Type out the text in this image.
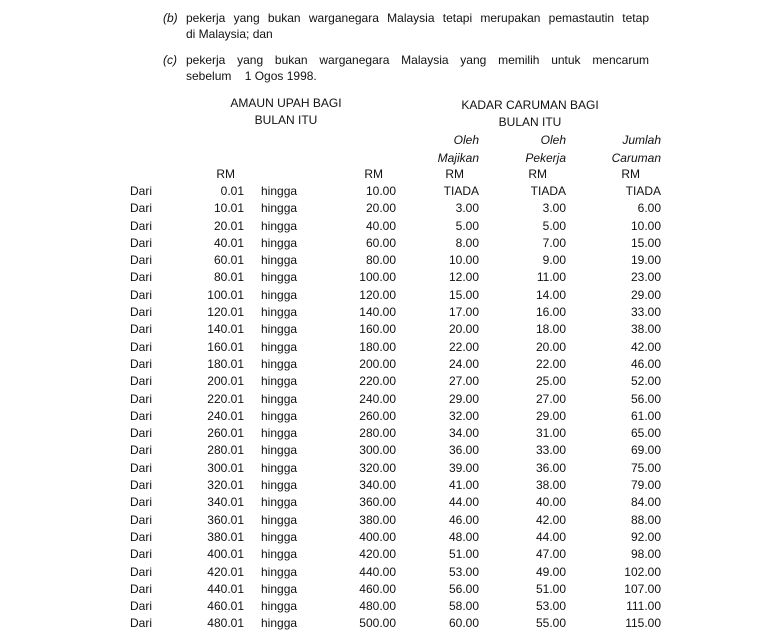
(b) pekerja yang bukan warganegara Malaysia tetapi merupakan pemastautin tetap
di Malaysia; dan
(c) pekerja yang bukan warganegara Malaysia yang memilih untuk mencarum
sebelum    1 Ogos 1998.
AMAUN UPAH BAGI
BULAN ITU
KADAR CARUMAN BAGI
BULAN ITU
Oleh
Majikan
Oleh
Pekerja
Jumlah
Caruman
RM	RM	RM	RM	RM
Dari	0.01		hingga	10.00	TIADA	TIADA	TIADA
Dari	10.01		hingga	20.00	3.00	3.00	6.00
Dari	20.01		hingga	40.00	5.00	5.00	10.00
Dari	40.01		hingga	60.00	8.00	7.00	15.00
Dari	60.01		hingga	80.00	10.00	9.00	19.00
Dari	80.01		hingga	100.00	12.00	11.00	23.00
Dari	100.01		hingga	120.00	15.00	14.00	29.00
Dari	120.01		hingga	140.00	17.00	16.00	33.00
Dari	140.01		hingga	160.00	20.00	18.00	38.00
Dari	160.01		hingga	180.00	22.00	20.00	42.00
Dari	180.01		hingga	200.00	24.00	22.00	46.00
Dari	200.01		hingga	220.00	27.00	25.00	52.00
Dari	220.01		hingga	240.00	29.00	27.00	56.00
Dari	240.01		hingga	260.00	32.00	29.00	61.00
Dari	260.01		hingga	280.00	34.00	31.00	65.00
Dari	280.01		hingga	300.00	36.00	33.00	69.00
Dari	300.01		hingga	320.00	39.00	36.00	75.00
Dari	320.01		hingga	340.00	41.00	38.00	79.00
Dari	340.01		hingga	360.00	44.00	40.00	84.00
Dari	360.01		hingga	380.00	46.00	42.00	88.00
Dari	380.01		hingga	400.00	48.00	44.00	92.00
Dari	400.01		hingga	420.00	51.00	47.00	98.00
Dari	420.01		hingga	440.00	53.00	49.00	102.00
Dari	440.01		hingga	460.00	56.00	51.00	107.00
Dari	460.01		hingga	480.00	58.00	53.00	111.00
Dari	480.01		hingga	500.00	60.00	55.00	115.00
